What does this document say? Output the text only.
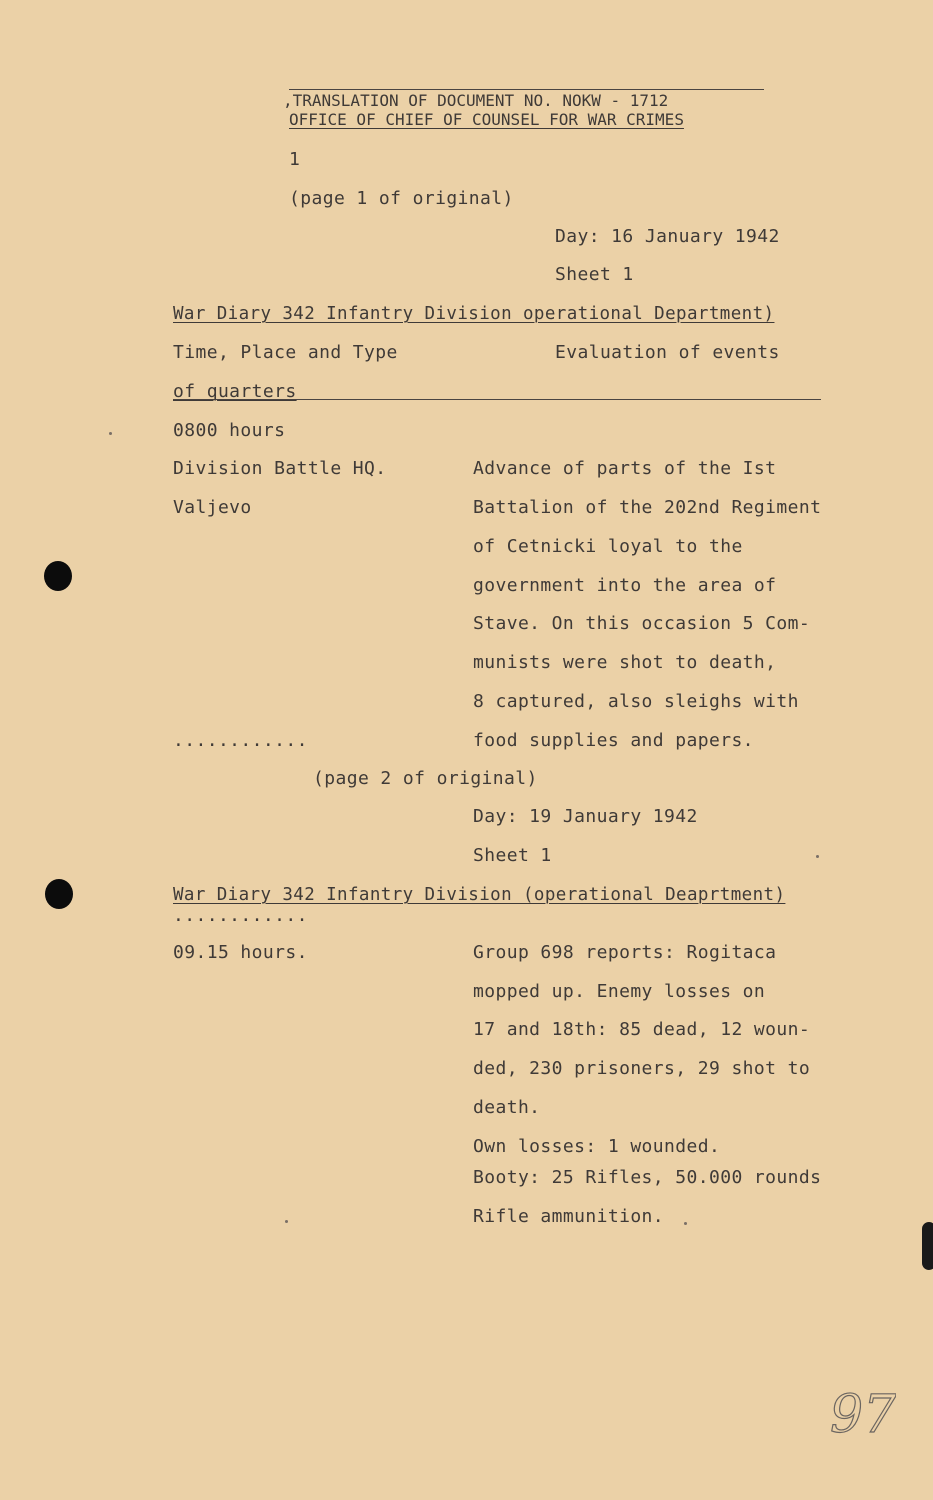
,TRANSLATION OF DOCUMENT NO. NOKW - 1712
OFFICE OF CHIEF OF COUNSEL FOR WAR CRIMES
1
(page 1 of original)
Day: 16 January 1942
Sheet 1
War Diary 342 Infantry Division operational Department)
Time, Place and Type	Evaluation of events
of quarters
0800 hours
Division Battle HQ.
Valjevo
Advance of parts of the Ist
Battalion of the 202nd Regiment
of Cetnicki loyal to the
government into the area of
Stave. On this occasion 5 Com-
munists were shot to death,
8 captured, also sleighs with
food supplies and papers.
............
(page 2 of original)
Day: 19 January 1942
Sheet 1
War Diary 342 Infantry Division (operational Deaprtment)
............
09.15 hours.	Group 698 reports: Rogitaca
mopped up. Enemy losses on
17 and 18th: 85 dead, 12 woun-
ded, 230 prisoners, 29 shot to
death.
Own losses: 1 wounded.
Booty: 25 Rifles, 50.000 rounds
Rifle ammunition.
97
